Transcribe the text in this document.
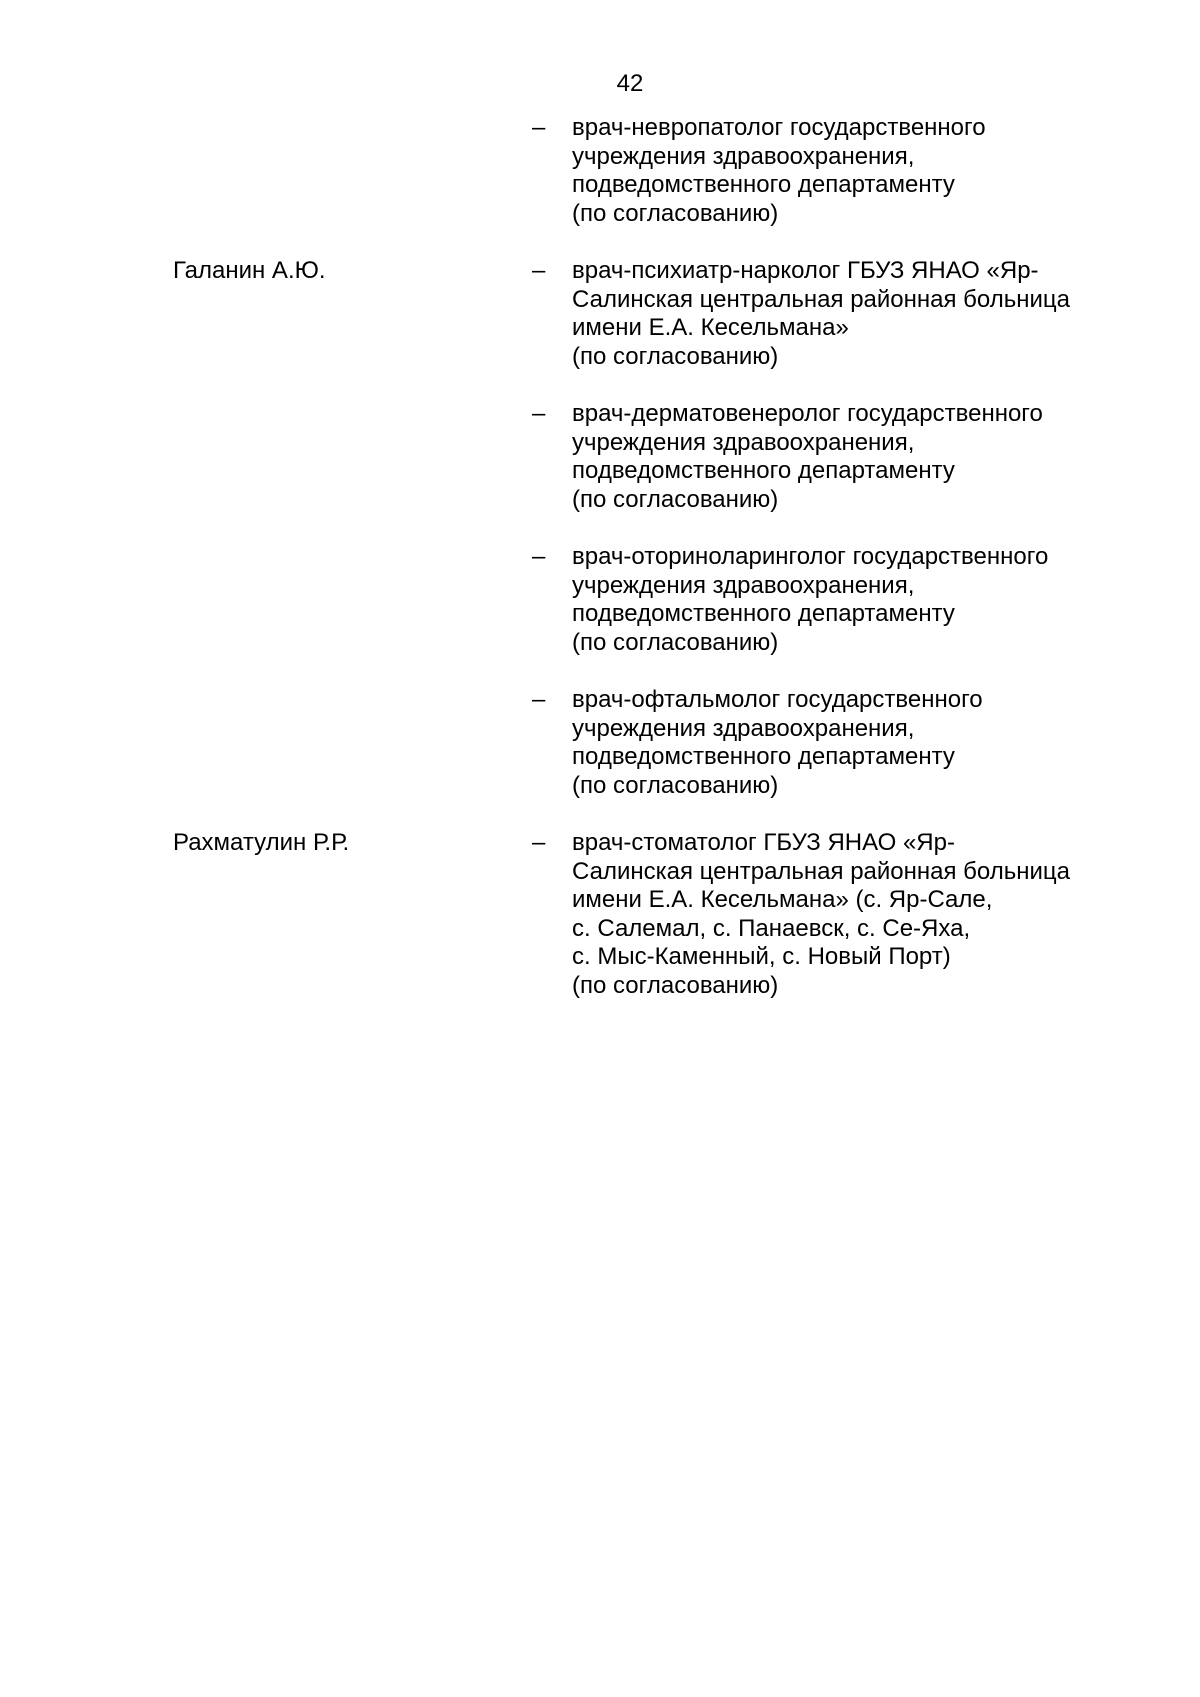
42
– врач-невропатолог государственного
учреждения здравоохранения,
подведомственного департаменту
(по согласованию)
Галанин А.Ю.	– врач-психиатр-нарколог ГБУЗ ЯНАО «Яр-
Салинская центральная районная больница
имени Е.А. Кесельмана»
(по согласованию)
– врач-дерматовенеролог государственного
учреждения здравоохранения,
подведомственного департаменту
(по согласованию)
– врач-оториноларинголог государственного
учреждения здравоохранения,
подведомственного департаменту
(по согласованию)
– врач-офтальмолог государственного
учреждения здравоохранения,
подведомственного департаменту
(по согласованию)
Рахматулин Р.Р.	– врач-стоматолог ГБУЗ ЯНАО «Яр-
Салинская центральная районная больница
имени Е.А. Кесельмана» (с. Яр-Сале,
с. Салемал, с. Панаевск, с. Се-Яха,
с. Мыс-Каменный, с. Новый Порт)
(по согласованию)
